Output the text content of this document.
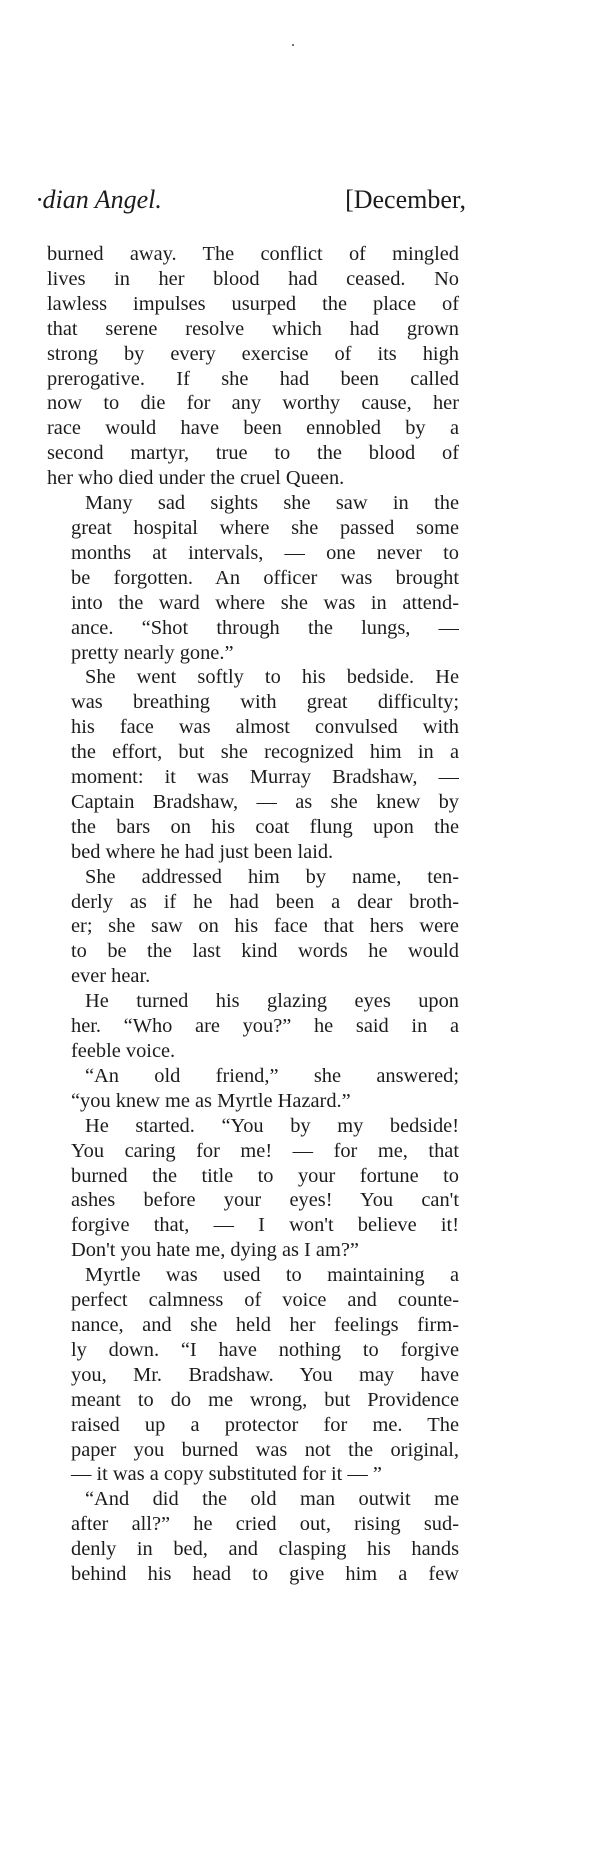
·dian Angel.	[December,

burned away. The conflict of mingled
lives in her blood had ceased. No
lawless impulses usurped the place of
that serene resolve which had grown
strong by every exercise of its high
prerogative. If she had been called
now to die for any worthy cause, her
race would have been ennobled by a
second martyr, true to the blood of
her who died under the cruel Queen.

Many sad sights she saw in the
great hospital where she passed some
months at intervals, — one never to
be forgotten. An officer was brought
into the ward where she was in attend-
ance. “Shot through the lungs, —
pretty nearly gone.”

She went softly to his bedside. He
was breathing with great difficulty;
his face was almost convulsed with
the effort, but she recognized him in a
moment: it was Murray Bradshaw, —
Captain Bradshaw, — as she knew by
the bars on his coat flung upon the
bed where he had just been laid.

She addressed him by name, ten-
derly as if he had been a dear broth-
er; she saw on his face that hers were
to be the last kind words he would
ever hear.

He turned his glazing eyes upon
her. “Who are you?” he said in a
feeble voice.

“An old friend,” she answered;
“you knew me as Myrtle Hazard.”

He started. “You by my bedside!
You caring for me! — for me, that
burned the title to your fortune to
ashes before your eyes! You can't
forgive that, — I won't believe it!
Don't you hate me, dying as I am?”

Myrtle was used to maintaining a
perfect calmness of voice and counte-
nance, and she held her feelings firm-
ly down. “I have nothing to forgive
you, Mr. Bradshaw. You may have
meant to do me wrong, but Providence
raised up a protector for me. The
paper you burned was not the original,
— it was a copy substituted for it — ”

“And did the old man outwit me
after all?” he cried out, rising sud-
denly in bed, and clasping his hands
behind his head to give him a few
